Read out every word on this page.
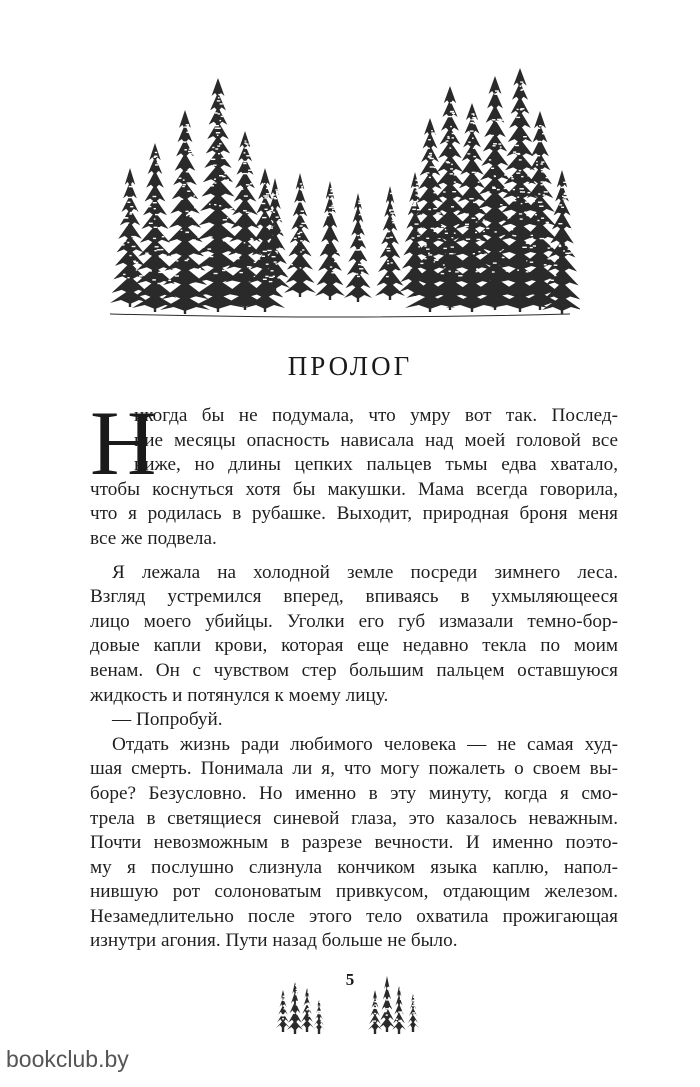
ПРОЛОГ
Н
икогда бы не подумала, что умру вот так. Послед-
ние месяцы опасность нависала над моей головой все
ниже, но длины цепких пальцев тьмы едва хватало,
чтобы коснуться хотя бы макушки. Мама всегда говорила,
что я родилась в рубашке. Выходит, природная броня меня
все же подвела.
Я лежала на холодной земле посреди зимнего леса.
Взгляд устремился вперед, впиваясь в ухмыляющееся
лицо моего убийцы. Уголки его губ измазали темно-бор-
довые капли крови, которая еще недавно текла по моим
венам. Он с чувством стер большим пальцем оставшуюся
жидкость и потянулся к моему лицу.
— Попробуй.
Отдать жизнь ради любимого человека — не самая худ-
шая смерть. Понимала ли я, что могу пожалеть о своем вы-
боре? Безусловно. Но именно в эту минуту, когда я смо-
трела в светящиеся синевой глаза, это казалось неважным.
Почти невозможным в разрезе вечности. И именно поэто-
му я послушно слизнула кончиком языка каплю, напол-
нившую рот солоноватым привкусом, отдающим железом.
Незамедлительно после этого тело охватила прожигающая
изнутри агония. Пути назад больше не было.
5
bookclub.by
